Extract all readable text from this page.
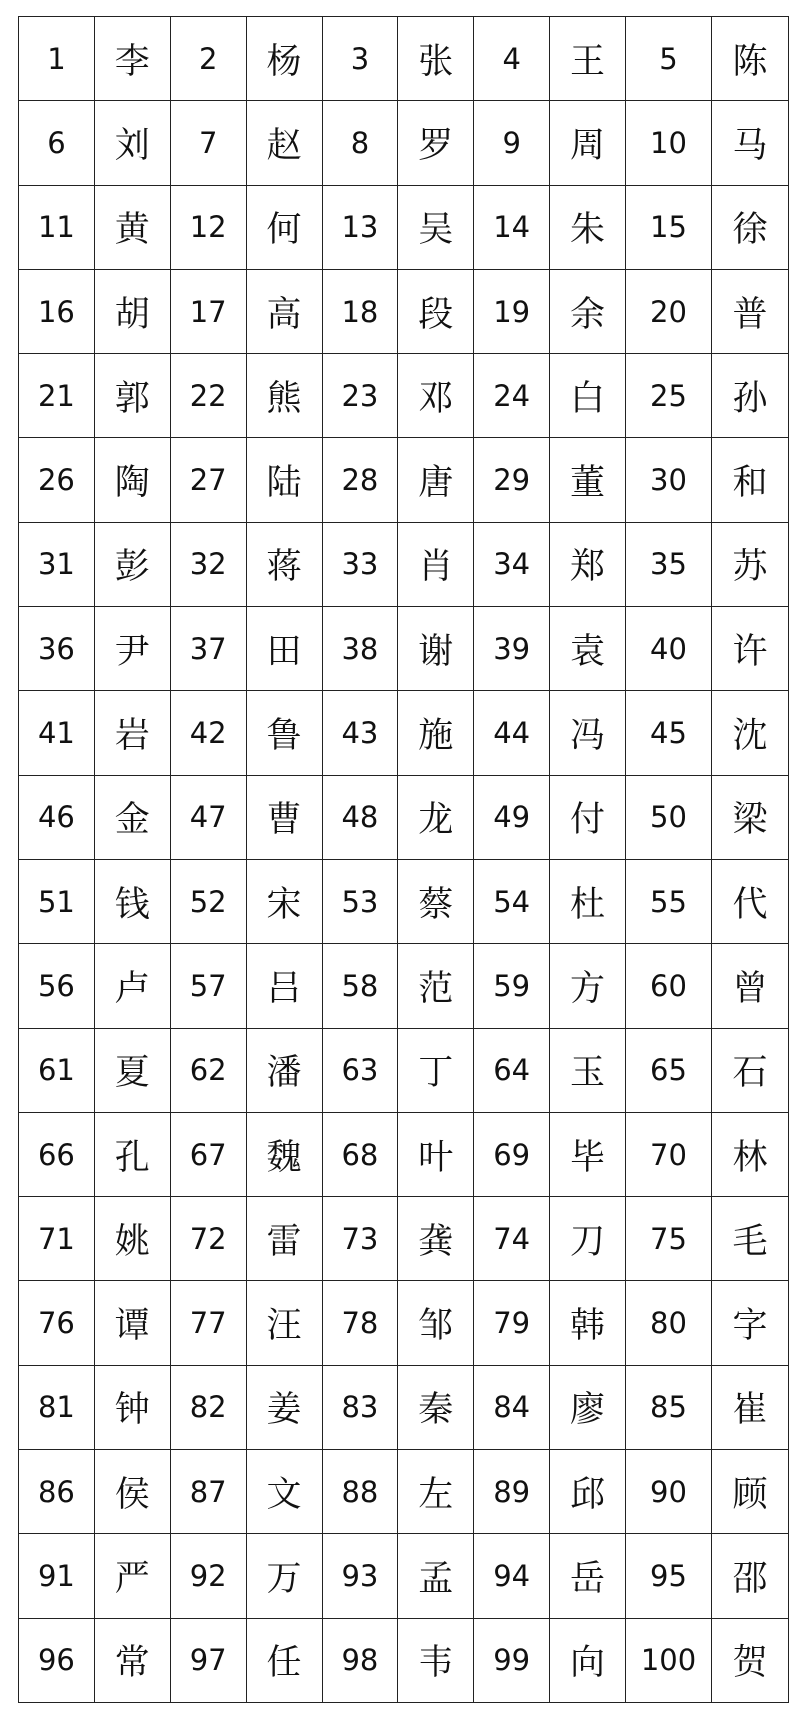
1	李	2	杨	3	张	4	王	5	陈
6	刘	7	赵	8	罗	9	周	10	马
11	黄	12	何	13	吴	14	朱	15	徐
16	胡	17	高	18	段	19	余	20	普
21	郭	22	熊	23	邓	24	白	25	孙
26	陶	27	陆	28	唐	29	董	30	和
31	彭	32	蒋	33	肖	34	郑	35	苏
36	尹	37	田	38	谢	39	袁	40	许
41	岩	42	鲁	43	施	44	冯	45	沈
46	金	47	曹	48	龙	49	付	50	梁
51	钱	52	宋	53	蔡	54	杜	55	代
56	卢	57	吕	58	范	59	方	60	曾
61	夏	62	潘	63	丁	64	玉	65	石
66	孔	67	魏	68	叶	69	毕	70	林
71	姚	72	雷	73	龚	74	刀	75	毛
76	谭	77	汪	78	邹	79	韩	80	字
81	钟	82	姜	83	秦	84	廖	85	崔
86	侯	87	文	88	左	89	邱	90	顾
91	严	92	万	93	孟	94	岳	95	邵
96	常	97	任	98	韦	99	向	100	贺
